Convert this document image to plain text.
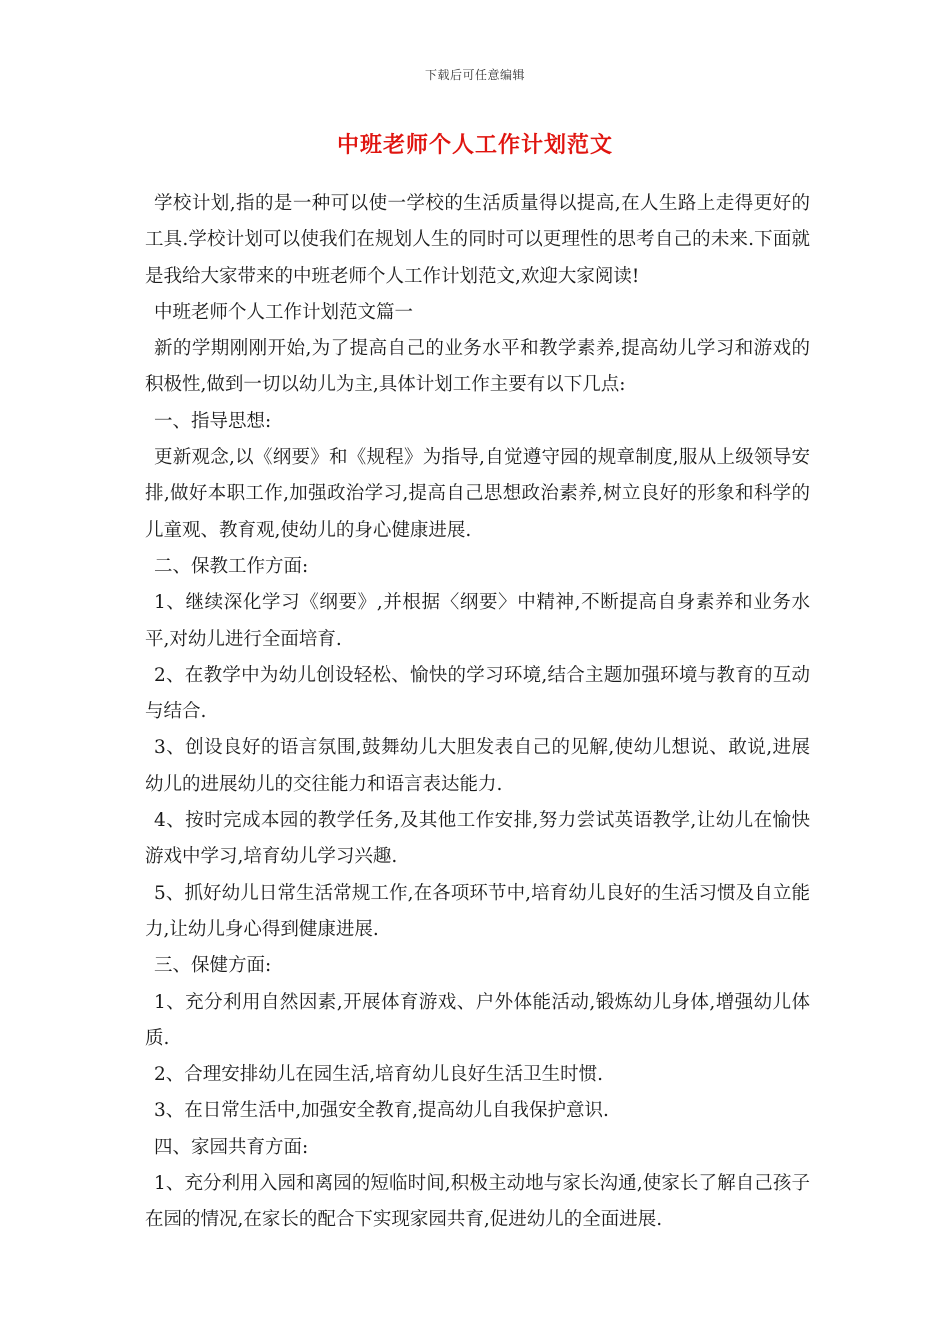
下载后可任意编辑
中班老师个人工作计划范文

学校计划,指的是一种可以使一学校的生活质量得以提高,在人生路上走得更好的工具.学校计划可以使我们在规划人生的同时可以更理性的思考自己的未来.下面就是我给大家带来的中班老师个人工作计划范文,欢迎大家阅读!

中班老师个人工作计划范文篇一

新的学期刚刚开始,为了提高自己的业务水平和教学素养,提高幼儿学习和游戏的积极性,做到一切以幼儿为主,具体计划工作主要有以下几点:

一、指导思想:

更新观念,以《纲要》和《规程》为指导,自觉遵守园的规章制度,服从上级领导安排,做好本职工作,加强政治学习,提高自己思想政治素养,树立良好的形象和科学的儿童观、教育观,使幼儿的身心健康进展.

二、保教工作方面:

1、继续深化学习《纲要》,并根据〈纲要〉中精神,不断提高自身素养和业务水平,对幼儿进行全面培育.

2、在教学中为幼儿创设轻松、愉快的学习环境,结合主题加强环境与教育的互动与结合.

3、创设良好的语言氛围,鼓舞幼儿大胆发表自己的见解,使幼儿想说、敢说,进展幼儿的进展幼儿的交往能力和语言表达能力.

4、按时完成本园的教学任务,及其他工作安排,努力尝试英语教学,让幼儿在愉快游戏中学习,培育幼儿学习兴趣.

5、抓好幼儿日常生活常规工作,在各项环节中,培育幼儿良好的生活习惯及自立能力,让幼儿身心得到健康进展.

三、保健方面:

1、充分利用自然因素,开展体育游戏、户外体能活动,锻炼幼儿身体,增强幼儿体质.

2、合理安排幼儿在园生活,培育幼儿良好生活卫生时惯.

3、在日常生活中,加强安全教育,提高幼儿自我保护意识.

四、家园共育方面:

1、充分利用入园和离园的短临时间,积极主动地与家长沟通,使家长了解自己孩子在园的情况,在家长的配合下实现家园共育,促进幼儿的全面进展.
